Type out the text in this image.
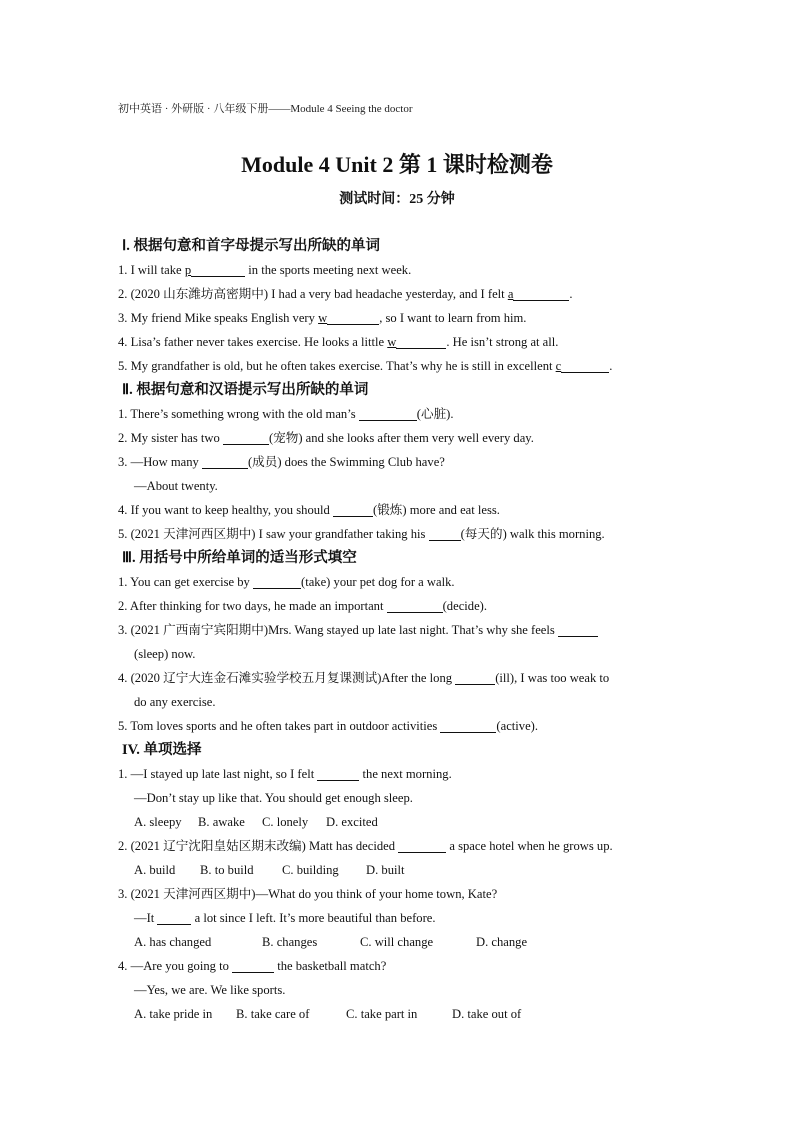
初中英语 · 外研版 · 八年级下册——Module 4 Seeing the doctor
Module 4 Unit 2 第 1 课时检测卷
测试时间：25 分钟
Ⅰ. 根据句意和首字母提示写出所缺的单词
1. I will take p	in the sports meeting next week.
2. (2020 山东潍坊高密期中) I had a very bad headache yesterday, and I felt a	.
3. My friend Mike speaks English very w	, so I want to learn from him.
4. Lisa’s father never takes exercise. He looks a little w	. He isn’t strong at all.
5. My grandfather is old, but he often takes exercise. That’s why he is still in excellent c	.
Ⅱ. 根据句意和汉语提示写出所缺的单词
1. There’s something wrong with the old man’s	(心脏).
2. My sister has two	(宠物) and she looks after them very well every day.
3. —How many	(成员) does the Swimming Club have?
—About twenty.
4. If you want to keep healthy, you should	(锻炼) more and eat less.
5. (2021 天津河西区期中) I saw your grandfather taking his	(每天的) walk this morning.
Ⅲ. 用括号中所给单词的适当形式填空
1. You can get exercise by	(take) your pet dog for a walk.
2. After thinking for two days, he made an important	(decide).
3. (2021 广西南宁宾阳期中)Mrs. Wang stayed up late last night. That’s why she feels
(sleep) now.
4. (2020 辽宁大连金石滩实验学校五月复课测试)After the long	(ill), I was too weak to
do any exercise.
5. Tom loves sports and he often takes part in outdoor activities	(active).
IV. 单项选择
1. —I stayed up late last night, so I felt	the next morning.
—Don’t stay up like that. You should get enough sleep.
A. sleepy B. awake C. lonely D. excited
2. (2021 辽宁沈阳皇姑区期末改编) Matt has decided	a space hotel when he grows up.
A. build B. to build C. building D. built
3. (2021 天津河西区期中)—What do you think of your home town, Kate?
—It	a lot since I left. It’s more beautiful than before.
A. has changed	B. changes	C. will change	D. change
4. —Are you going to	the basketball match?
—Yes, we are. We like sports.
A. take pride in B. take care of	C. take part in	D. take out of
